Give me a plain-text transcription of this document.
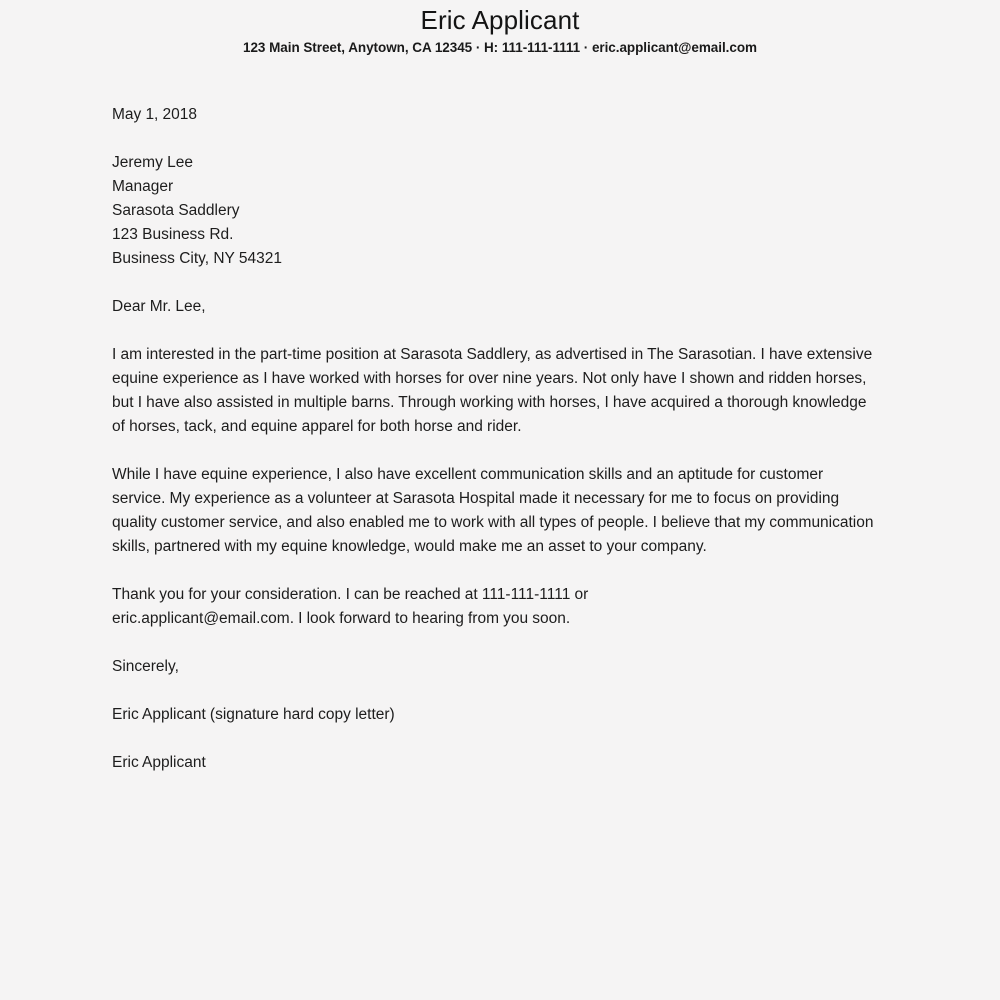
Eric Applicant

123 Main Street, Anytown, CA 12345 · H: 111-111-1111 · eric.applicant@email.com

May 1, 2018

Jeremy Lee
Manager
Sarasota Saddlery
123 Business Rd.
Business City, NY 54321

Dear Mr. Lee,

I am interested in the part-time position at Sarasota Saddlery, as advertised in The Sarasotian. I have extensive equine experience as I have worked with horses for over nine years. Not only have I shown and ridden horses, but I have also assisted in multiple barns. Through working with horses, I have acquired a thorough knowledge of horses, tack, and equine apparel for both horse and rider.

While I have equine experience, I also have excellent communication skills and an aptitude for customer service. My experience as a volunteer at Sarasota Hospital made it necessary for me to focus on providing quality customer service, and also enabled me to work with all types of people. I believe that my communication skills, partnered with my equine knowledge, would make me an asset to your company.

Thank you for your consideration. I can be reached at 111-111-1111 or
eric.applicant@email.com. I look forward to hearing from you soon.

Sincerely,

Eric Applicant (signature hard copy letter)

Eric Applicant
